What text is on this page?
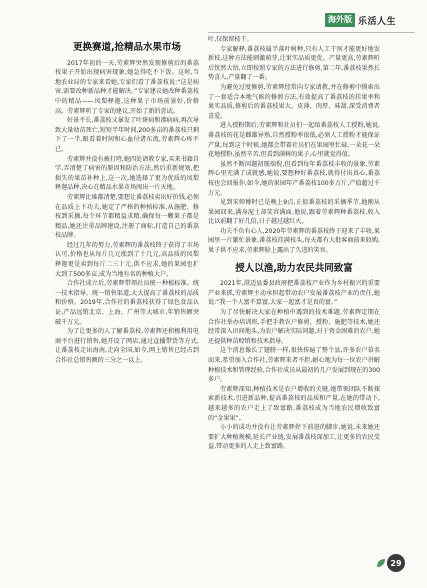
海外版 乐活人生
更换赛道,抢精品水果市场

2017年初的一天,劳素辉突然发现修剪后的番荔枝果子开始出现病害现象,她急得吃不下饭。这时,当地农业局的专家来看她,专家们看了番荔枝说:“这是病害,需要改种新品种才能解决。”专家建议她改种番荔枝中的精品——凤梨释迦,这种果子市场前景好,价格高。劳素辉听了专家的建议,开始了新的尝试。

好景不长,番荔枝又暴发了叶斑病和沸病病,再次导致大量幼苗死亡,短短半年时间,200多亩的番荔枝只剩下了一半,眼看着时间和心血付诸东流,劳素辉心疼不已。

劳素辉并没有被打垮,她四处请教专家,买来书籍自学,弄清楚了病害的原因和防治方法,然后重新规划,把损失的果苗补种上,这一次,她选择了更为优质的凤梨释迦品种,决心在精品水果市场闯出一片天地。

劳素辉比谁都清楚,要想让番荔枝卖出好价钱,必须在品质上下功夫,她定了严格的种植标准,从施肥、修枝到采摘,每个环节都精益求精,确保每一颗果子都是精品,她还注重品牌建设,注册了商标,打造自己的番荔枝品牌。

经过几年的努力,劳素辉的番荔枝终于获得了市场认可,价格也从每斤几元涨到了十几元,高品质的凤梨释迦更是卖到每斤二三十元,供不应求,她的果园也扩大到了500多亩,成为当地有名的种植大户。

合作社成立后,劳素辉带领社员统一种植标准、统一技术指导、统一销售渠道,大大提高了番荔枝的品质和价格。2019年,合作社的番荔枝获得了绿色食品认证,产品远销北京、上海、广州等大城市,年销售额突破千万元。

为了让更多的人了解番荔枝,劳素辉还积极利用电商平台进行销售,她开设了网店,通过直播带货等方式,让番荔枝走出海南,走向全国,如今,网上销售已经占到合作社总销售额的三分之一以上。

叶,仅保留枝干。

专家解释,番荔枝属半落叶树种,只有人工干预才能更好地发新枝,这种方法能刺激萌芽,让果实品质更优、产量更高,劳素辉听后恍然大悟,立即按照专家的方法进行修剪,第二年,番荔枝果然长势喜人,产量翻了一番。

为避免过度修剪,劳素辉经常向专家请教,并在修剪中摸索出了一套适合本地气候的修剪方法,有效提高了番荔枝的挂果率和果实品质,修剪后的番荔枝果大、皮薄、肉厚、味甜,深受消费者喜爱。

进入授粉期后,劳素辉和社员们一起给番荔枝人工授粉,她说,番荔枝的花是雌雄异熟,自然授粉率很低,必须人工授粉才能保证产量,每到这个时候,她都会带着社员们在果园里忙碌,一朵花一朵花地授粉,虽然辛苦,但看到满树的果子,心里就觉得值。

虽然不断问题初现端倪,但看到每年番荔枝丰收的景象,劳素辉心里充满了成就感,她说,要想种好番荔枝,就得付出真心,番荔枝也会回报你,如今,她的果园年产番荔枝100多万斤,产值超过千万元。

见到宋师傅时已是晚上9点,正值番荔枝的采摘季节,他刚从果园回来,满身泥土却笑容满面,他说,跟着劳素辉种番荔枝,收入比以前翻了好几倍,日子越过越红火。

功夫不负有心人,2020年劳素辉的番荔枝终于迎来了丰收,果园里一片繁忙景象,番荔枝挂满枝头,每天都有大批客商前来收购,果子供不应求,劳素辉脸上露出了久违的笑容。

授人以渔,助力农民共同致富

2021年,澄迈县委县政府把番荔枝产业作为乡村振兴的重要产业来抓,劳素辉主动承担起带动农户发展番荔枝产业的责任,她说:“我一个人富不算富,大家一起富才是真的富。”

为了尽快解决大家在种植中遇到的技术难题,劳素辉定期在合作社举办培训班,手把手教农户修剪、授粉、施肥等技术,她还经常深入田间地头,为农户解决实际问题,对于资金困难的农户,她还提供种苗赊销和技术指导。

这个消息像长了翅膀一样,很快传遍了整个县,许多农户慕名而来,希望加入合作社,劳素辉来者不拒,耐心地为每一位农户讲解种植技术和管理经验,合作社成员从最初的几户发展到现在的300多户。

劳素辉深知,种植技术是农户增收的关键,她带领团队不断探索新技术,引进新品种,提高番荔枝的品质和产量,在她的带动下,越来越多的农户走上了致富路,番荔枝成为当地农民增收致富的“金果果”。

小小的成功并没有让劳素辉停下前进的脚步,她说,未来她还要扩大种植规模,延长产业链,发展番荔枝深加工,让更多的农民受益,带动更多的人走上致富路。

29
